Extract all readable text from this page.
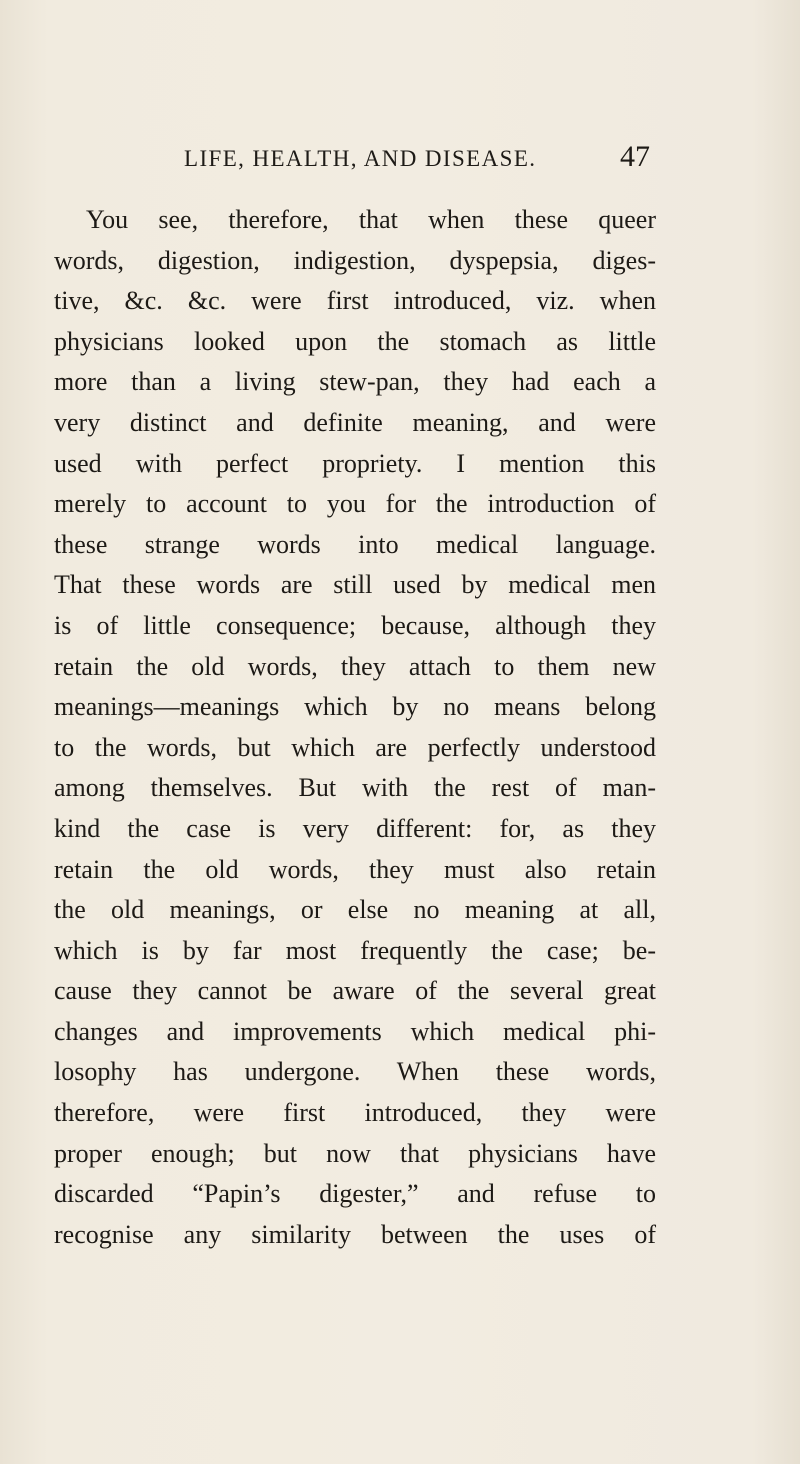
LIFE, HEALTH, AND DISEASE.	47
You see, therefore, that when these queer
words, digestion, indigestion, dyspepsia, diges-
tive, &c. &c. were first introduced, viz. when
physicians looked upon the stomach as little
more than a living stew-pan, they had each a
very distinct and definite meaning, and were
used with perfect propriety. I mention this
merely to account to you for the introduction of
these strange words into medical language.
That these words are still used by medical men
is of little consequence; because, although they
retain the old words, they attach to them new
meanings—meanings which by no means belong
to the words, but which are perfectly understood
among themselves. But with the rest of man-
kind the case is very different: for, as they
retain the old words, they must also retain
the old meanings, or else no meaning at all,
which is by far most frequently the case; be-
cause they cannot be aware of the several great
changes and improvements which medical phi-
losophy has undergone. When these words,
therefore, were first introduced, they were
proper enough; but now that physicians have
discarded “Papin’s digester,” and refuse to
recognise any similarity between the uses of
